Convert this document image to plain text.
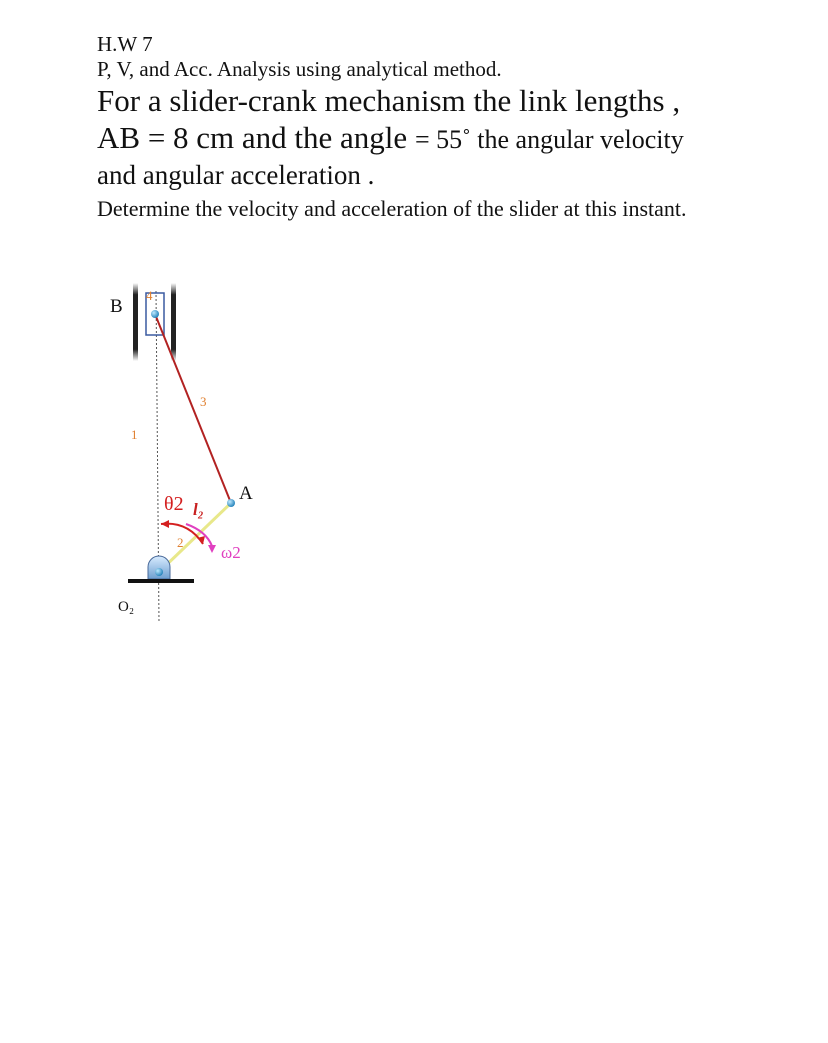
H.W 7
P, V, and Acc. Analysis using analytical method.
For a slider-crank mechanism the link lengths ,
AB = 8 cm and the angle = 55˚ the angular velocity
and angular acceleration .
Determine the velocity and acceleration of the slider at this instant.
B
A
O₂
4
3
1
2
θ2 l₂
ω2
